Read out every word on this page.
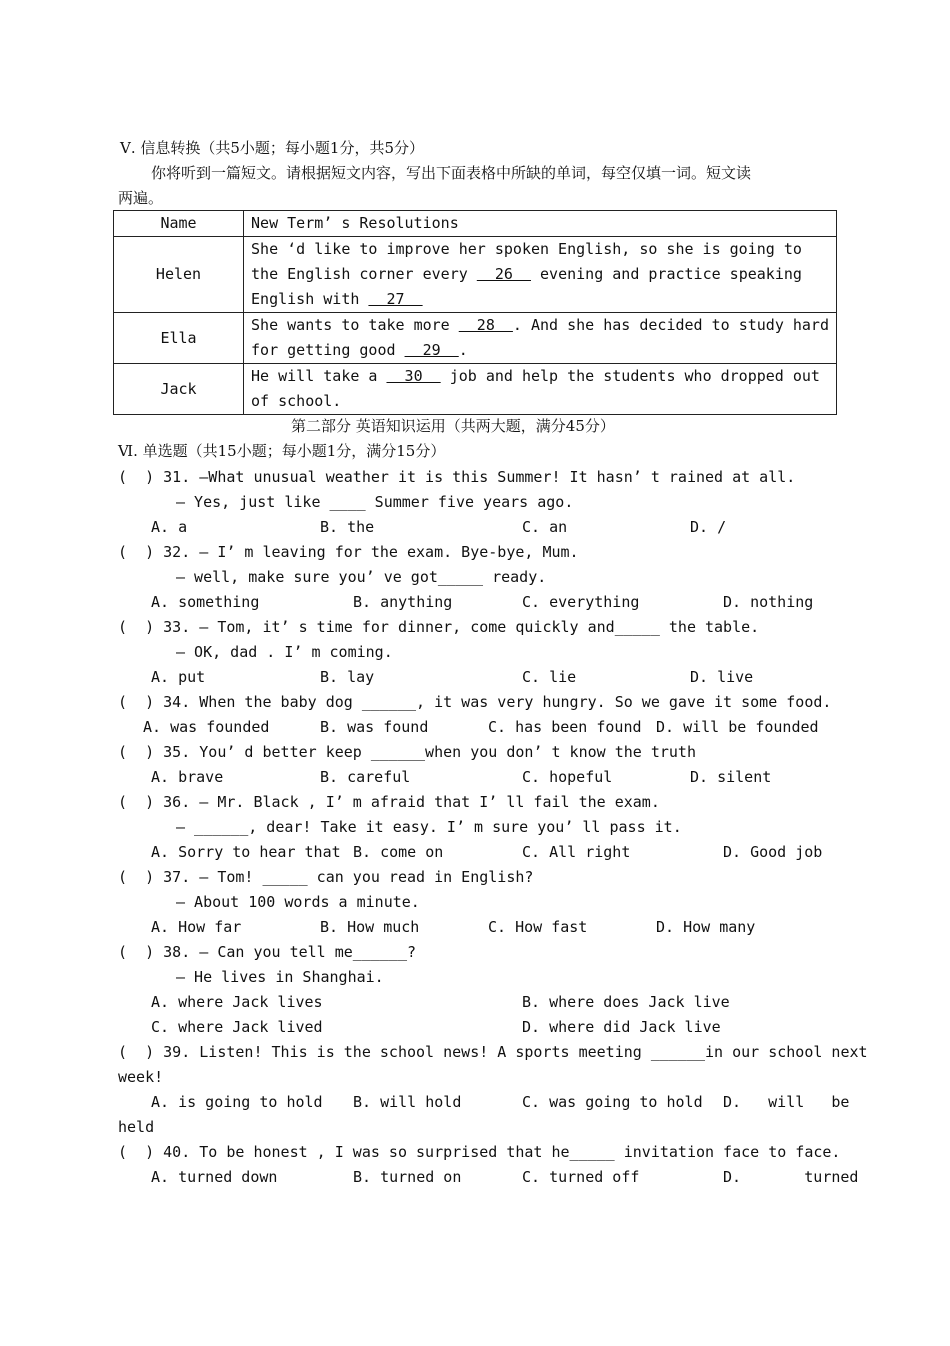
Ⅴ. 信息转换（共5小题；每小题1分，共5分）
你将听到一篇短文。请根据短文内容，写出下面表格中所缺的单词，每空仅填一词。短文读
两遍。
Name	New Term’ s Resolutions
Helen	She ‘d like to improve her spoken English, so she is going to
the English corner every   26   evening and practice speaking
English with   27

Ella	She wants to take more   28  . And she has decided to study hard
for getting good   29  .

Jack	He will take a   30   job and help the students who dropped out
of school.
第二部分 英语知识运用（共两大题，满分45分）
Ⅵ. 单选题（共15小题；每小题1分，满分15分）
(  ) 31. —What unusual weather it is this Summer! It hasn’ t rained at all.
— Yes, just like ____ Summer five years ago.
A. a	B. the	C. an	D. /
(  ) 32. — I’ m leaving for the exam. Bye-bye, Mum.
— well, make sure you’ ve got_____ ready.
A. something	B. anything	C. everything	D. nothing
(  ) 33. — Tom, it’ s time for dinner, come quickly and_____ the table.
— OK, dad . I’ m coming.
A. put	B. lay	C. lie	D. live
(  ) 34. When the baby dog ______, it was very hungry. So we gave it some food.
A. was founded	B. was found	C. has been found D. will be founded
(  ) 35. You’ d better keep ______when you don’ t know the truth
A. brave	B. careful	C. hopeful	D. silent
(  ) 36. — Mr. Black , I’ m afraid that I’ ll fail the exam.
— ______, dear! Take it easy. I’ m sure you’ ll pass it.
A. Sorry to hear that B. come on	C. All right	D. Good job
(  ) 37. — Tom! _____ can you read in English?
— About 100 words a minute.
A. How far	B. How much	C. How fast	D. How many
(  ) 38. — Can you tell me______?
— He lives in Shanghai.
A. where Jack lives	B. where does Jack live
C. where Jack lived	D. where did Jack live
(  ) 39. Listen! This is the school news! A sports meeting ______in our school next
week!
A. is going to hold B. will hold	C. was going to hold D.   will   be
held
(  ) 40. To be honest , I was so surprised that he_____ invitation face to face.
A. turned down	B. turned on	C. turned off	D.       turned
